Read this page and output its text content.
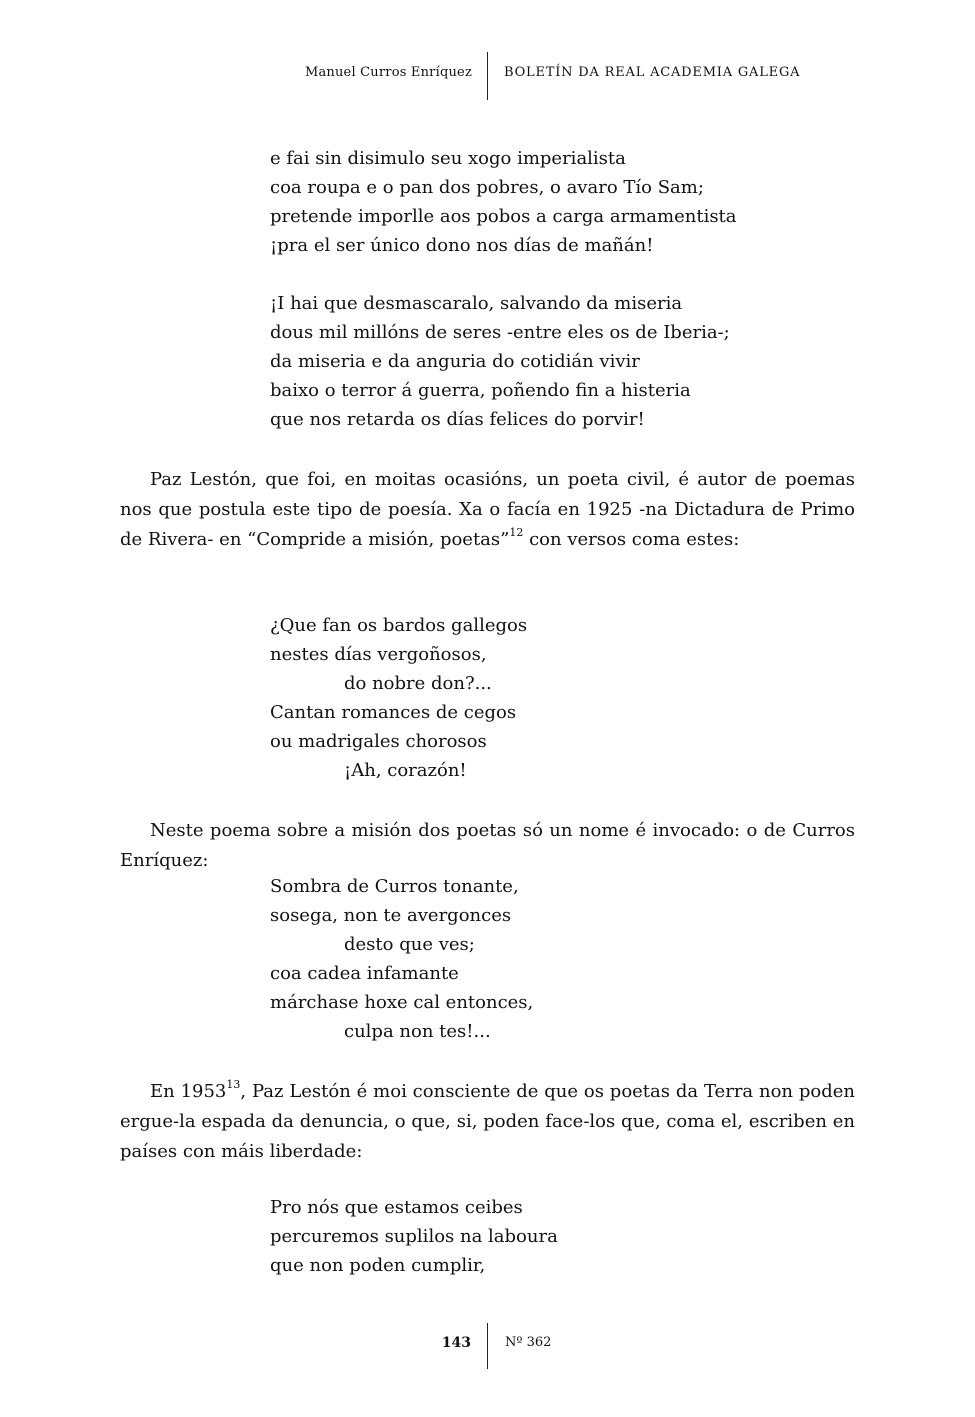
Manuel Curros Enríquez BOLETÍN DA REAL ACADEMIA GALEGA
e fai sin disimulo seu xogo imperialista
coa roupa e o pan dos pobres, o avaro Tío Sam;
pretende imporlle aos pobos a carga armamentista
¡pra el ser único dono nos días de mañán!
¡I hai que desmascaralo, salvando da miseria
dous mil millóns de seres -entre eles os de Iberia-;
da miseria e da anguria do cotidián vivir
baixo o terror á guerra, poñendo fin a histeria
que nos retarda os días felices do porvir!
Paz Lestón, que foi, en moitas ocasións, un poeta civil, é autor de poemas nos que postula este tipo de poesía. Xa o facía en 1925 -na Dictadura de Primo de Rivera- en “Compride a misión, poetas”$^{12}$ con versos coma estes:
¿Que fan os bardos gallegos
nestes días vergoñosos,
do nobre don?...
Cantan romances de cegos
ou madrigales chorosos
¡Ah, corazón!
Neste poema sobre a misión dos poetas só un nome é invocado: o de Curros Enríquez:
Sombra de Curros tonante,
sosega, non te avergonces
desto que ves;
coa cadea infamante
márchase hoxe cal entonces,
culpa non tes!...
En 1953$^{13}$, Paz Lestón é moi consciente de que os poetas da Terra non poden ergue-la espada da denuncia, o que, si, poden face-los que, coma el, escriben en países con máis liberdade:
Pro nós que estamos ceibes
percuremos suplilos na laboura
que non poden cumplir,
143	Nº 362
